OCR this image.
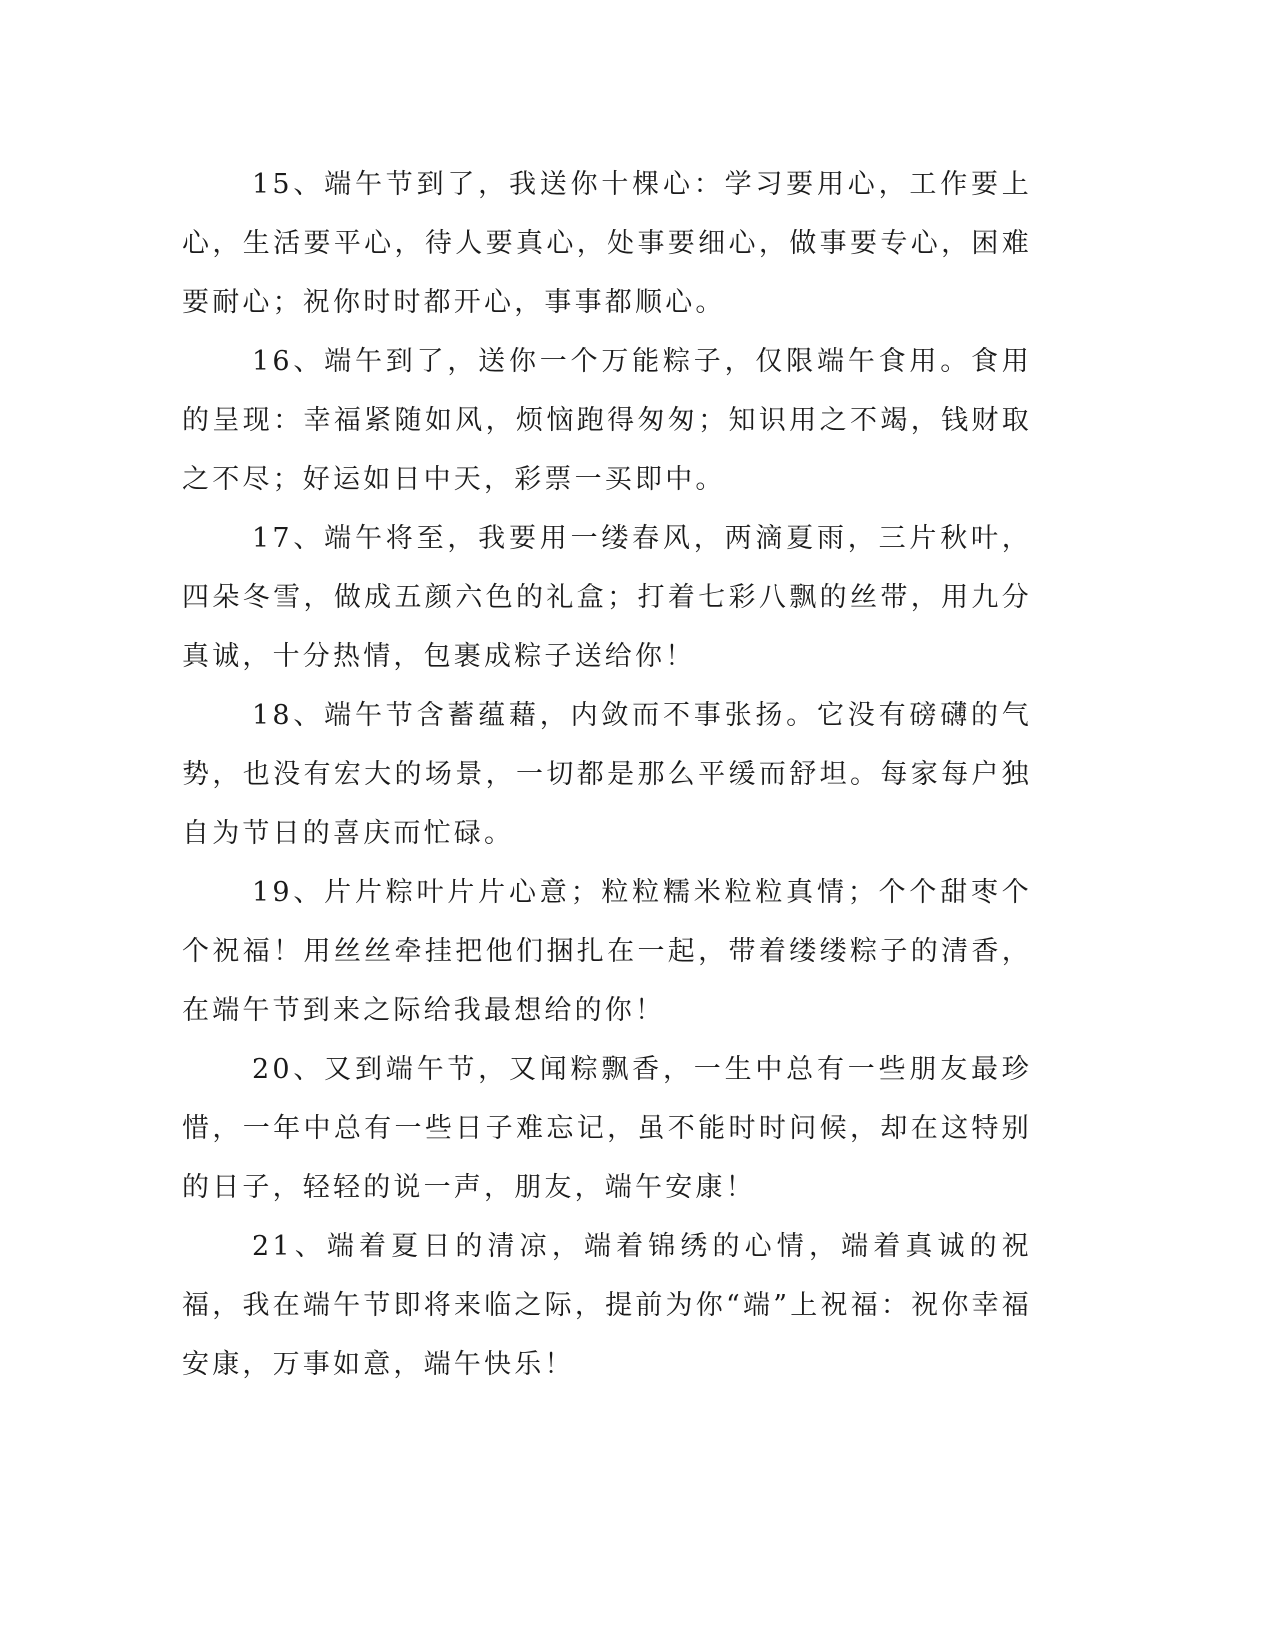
15、端午节到了，我送你十棵心：学习要用心，工作要上心，生活要平心，待人要真心，处事要细心，做事要专心，困难要耐心；祝你时时都开心，事事都顺心。

16、端午到了，送你一个万能粽子，仅限端午食用。食用的呈现：幸福紧随如风，烦恼跑得匆匆；知识用之不竭，钱财取之不尽；好运如日中天，彩票一买即中。

17、端午将至，我要用一缕春风，两滴夏雨，三片秋叶，四朵冬雪，做成五颜六色的礼盒；打着七彩八飘的丝带，用九分真诚，十分热情，包裹成粽子送给你！

18、端午节含蓄蕴藉，内敛而不事张扬。它没有磅礴的气势，也没有宏大的场景，一切都是那么平缓而舒坦。每家每户独自为节日的喜庆而忙碌。

19、片片粽叶片片心意；粒粒糯米粒粒真情；个个甜枣个个祝福！用丝丝牵挂把他们捆扎在一起，带着缕缕粽子的清香，在端午节到来之际给我最想给的你！

20、又到端午节，又闻粽飘香，一生中总有一些朋友最珍惜，一年中总有一些日子难忘记，虽不能时时问候，却在这特别的日子，轻轻的说一声，朋友，端午安康！

21、端着夏日的清凉，端着锦绣的心情，端着真诚的祝福，我在端午节即将来临之际，提前为你“端”上祝福：祝你幸福安康，万事如意，端午快乐！
